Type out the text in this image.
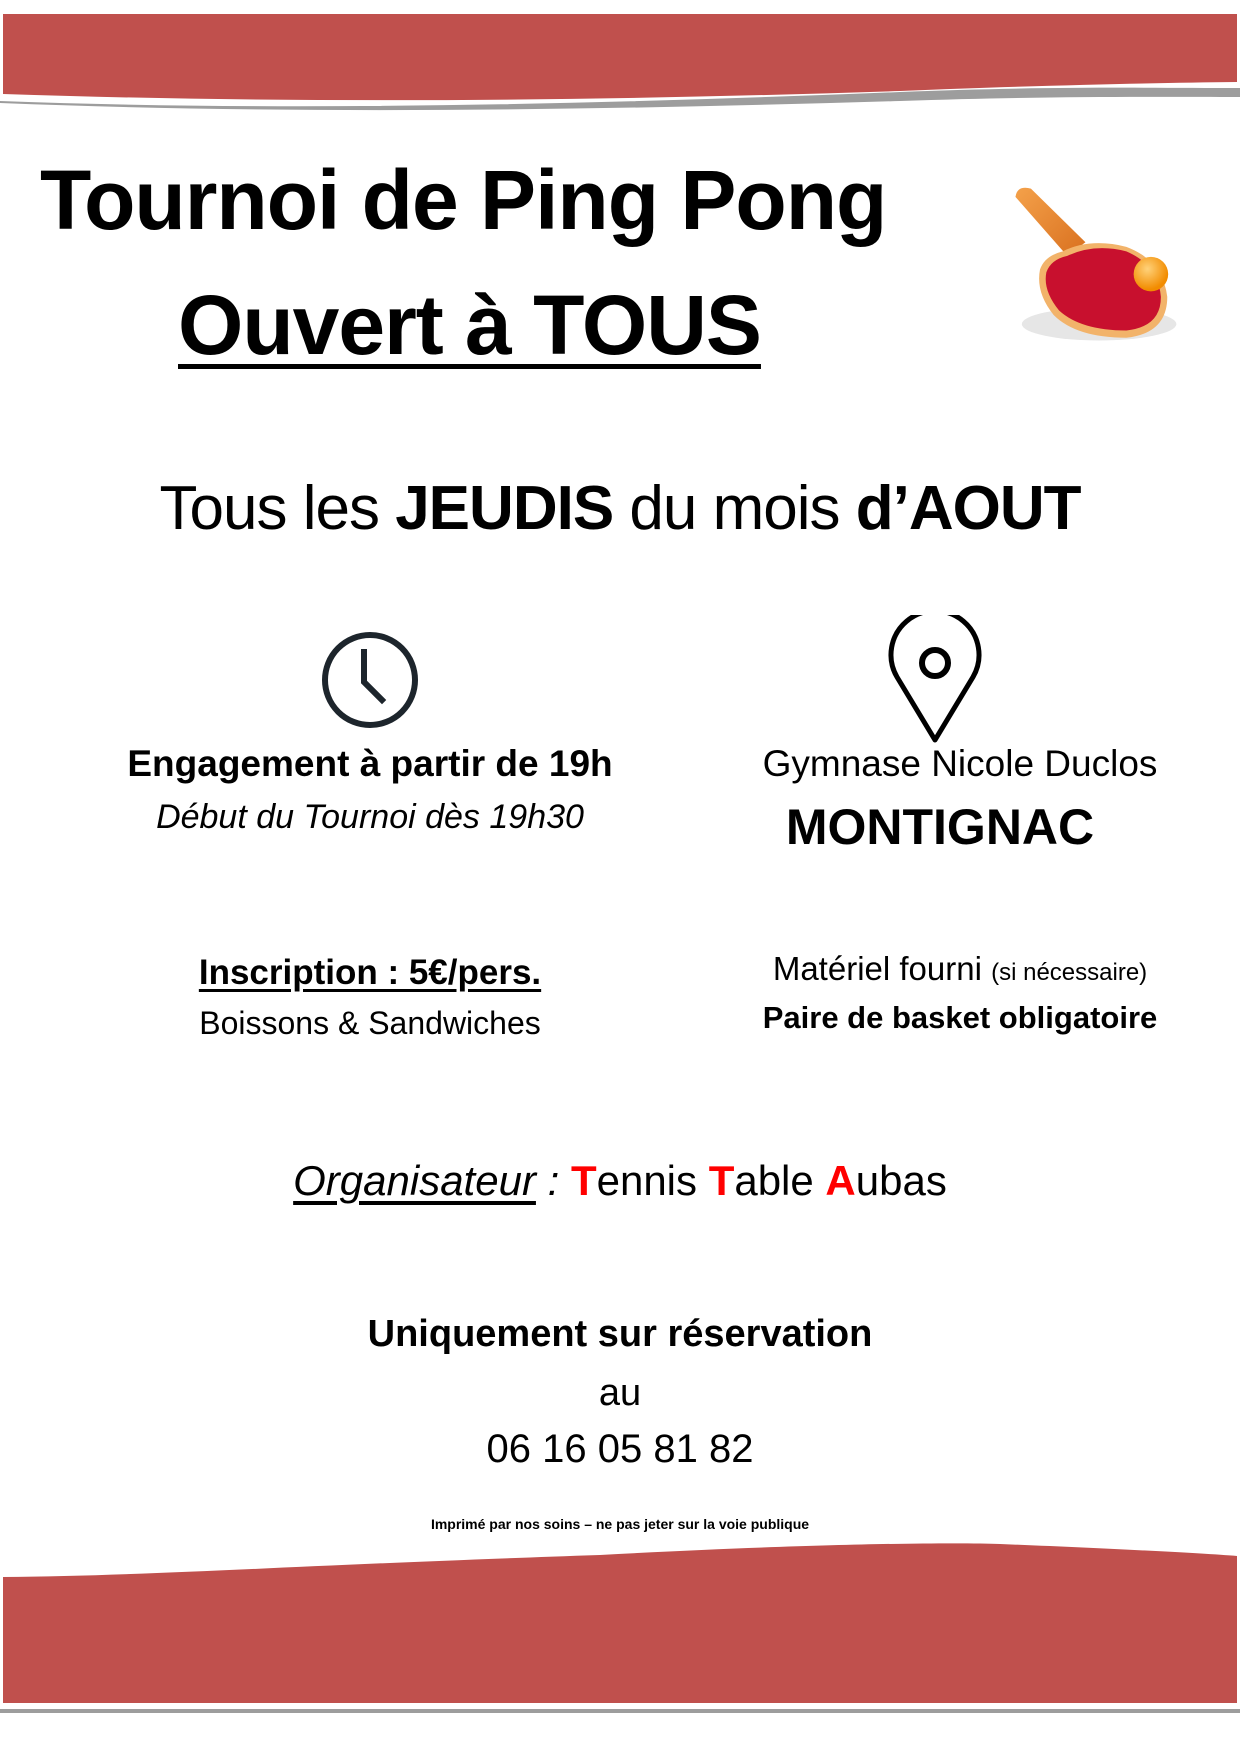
Tournoi de Ping Pong
Ouvert à TOUS
Tous les JEUDIS du mois d’AOUT
Engagement à partir de 19h
Début du Tournoi dès 19h30
Gymnase Nicole Duclos
MONTIGNAC
Inscription : 5€/pers.
Boissons & Sandwiches
Matériel fourni (si nécessaire)
Paire de basket obligatoire
Organisateur : Tennis Table Aubas
Uniquement sur réservation
au
06 16 05 81 82
Imprimé par nos soins – ne pas jeter sur la voie publique
